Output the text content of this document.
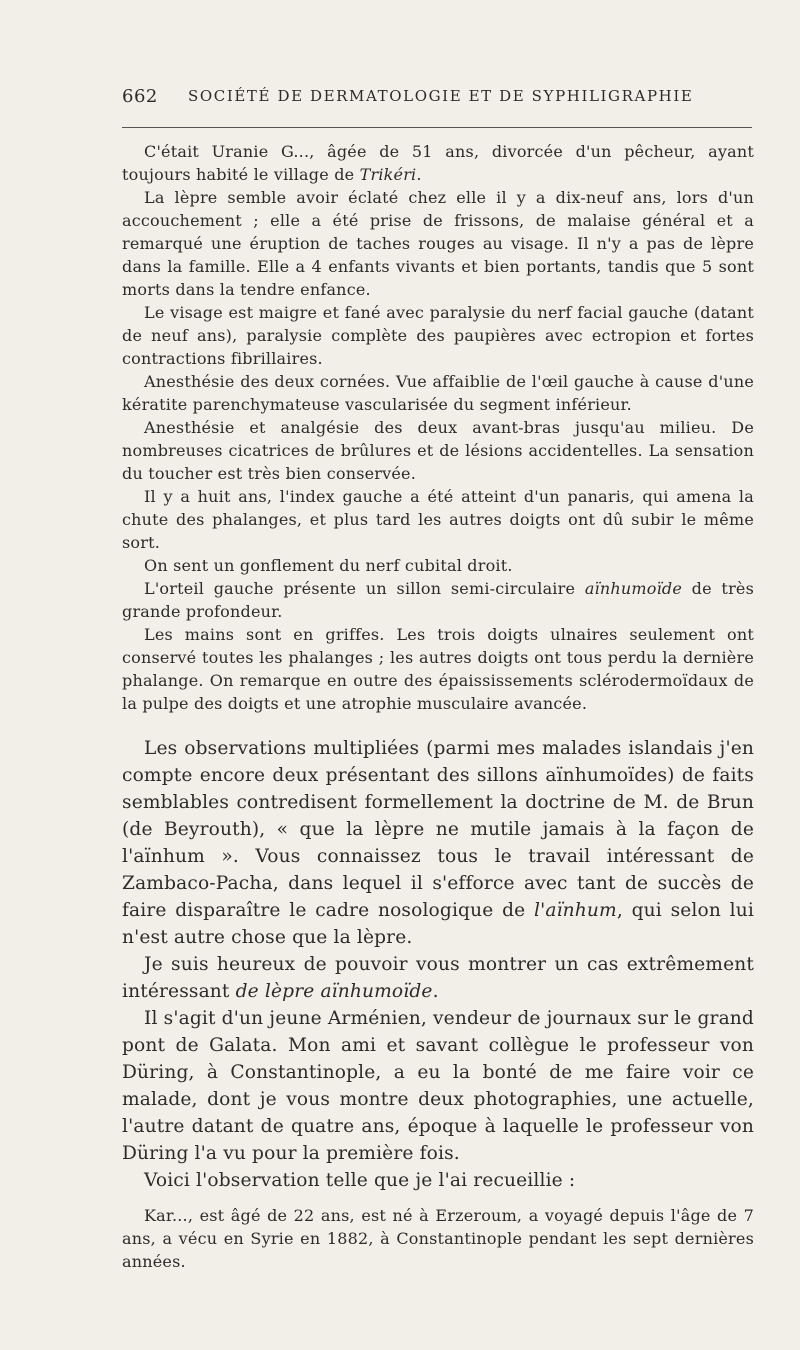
662 SOCIÉTÉ DE DERMATOLOGIE ET DE SYPHILIGRAPHIE

C'était Uranie G..., âgée de 51 ans, divorcée d'un pêcheur, ayant toujours habité le village de Trikéri.

La lèpre semble avoir éclaté chez elle il y a dix-neuf ans, lors d'un accouchement ; elle a été prise de frissons, de malaise général et a remarqué une éruption de taches rouges au visage. Il n'y a pas de lèpre dans la famille. Elle a 4 enfants vivants et bien portants, tandis que 5 sont morts dans la tendre enfance.

Le visage est maigre et fané avec paralysie du nerf facial gauche (datant de neuf ans), paralysie complète des paupières avec ectropion et fortes contractions fibrillaires.

Anesthésie des deux cornées. Vue affaiblie de l'œil gauche à cause d'une kératite parenchymateuse vascularisée du segment inférieur.

Anesthésie et analgésie des deux avant-bras jusqu'au milieu. De nombreuses cicatrices de brûlures et de lésions accidentelles. La sensation du toucher est très bien conservée.

Il y a huit ans, l'index gauche a été atteint d'un panaris, qui amena la chute des phalanges, et plus tard les autres doigts ont dû subir le même sort.

On sent un gonflement du nerf cubital droit.

L'orteil gauche présente un sillon semi-circulaire aïnhumoïde de très grande profondeur.

Les mains sont en griffes. Les trois doigts ulnaires seulement ont conservé toutes les phalanges ; les autres doigts ont tous perdu la dernière phalange. On remarque en outre des épaississements sclérodermoïdaux de la pulpe des doigts et une atrophie musculaire avancée.

Les observations multipliées (parmi mes malades islandais j'en compte encore deux présentant des sillons aïnhumoïdes) de faits semblables contredisent formellement la doctrine de M. de Brun (de Beyrouth), « que la lèpre ne mutile jamais à la façon de l'aïnhum ». Vous connaissez tous le travail intéressant de Zambaco-Pacha, dans lequel il s'efforce avec tant de succès de faire disparaître le cadre nosologique de l'aïnhum, qui selon lui n'est autre chose que la lèpre.

Je suis heureux de pouvoir vous montrer un cas extrêmement intéressant de lèpre aïnhumoïde.

Il s'agit d'un jeune Arménien, vendeur de journaux sur le grand pont de Galata. Mon ami et savant collègue le professeur von Düring, à Constantinople, a eu la bonté de me faire voir ce malade, dont je vous montre deux photographies, une actuelle, l'autre datant de quatre ans, époque à laquelle le professeur von Düring l'a vu pour la première fois.

Voici l'observation telle que je l'ai recueillie :

Kar..., est âgé de 22 ans, est né à Erzeroum, a voyagé depuis l'âge de 7 ans, a vécu en Syrie en 1882, à Constantinople pendant les sept dernières années.
